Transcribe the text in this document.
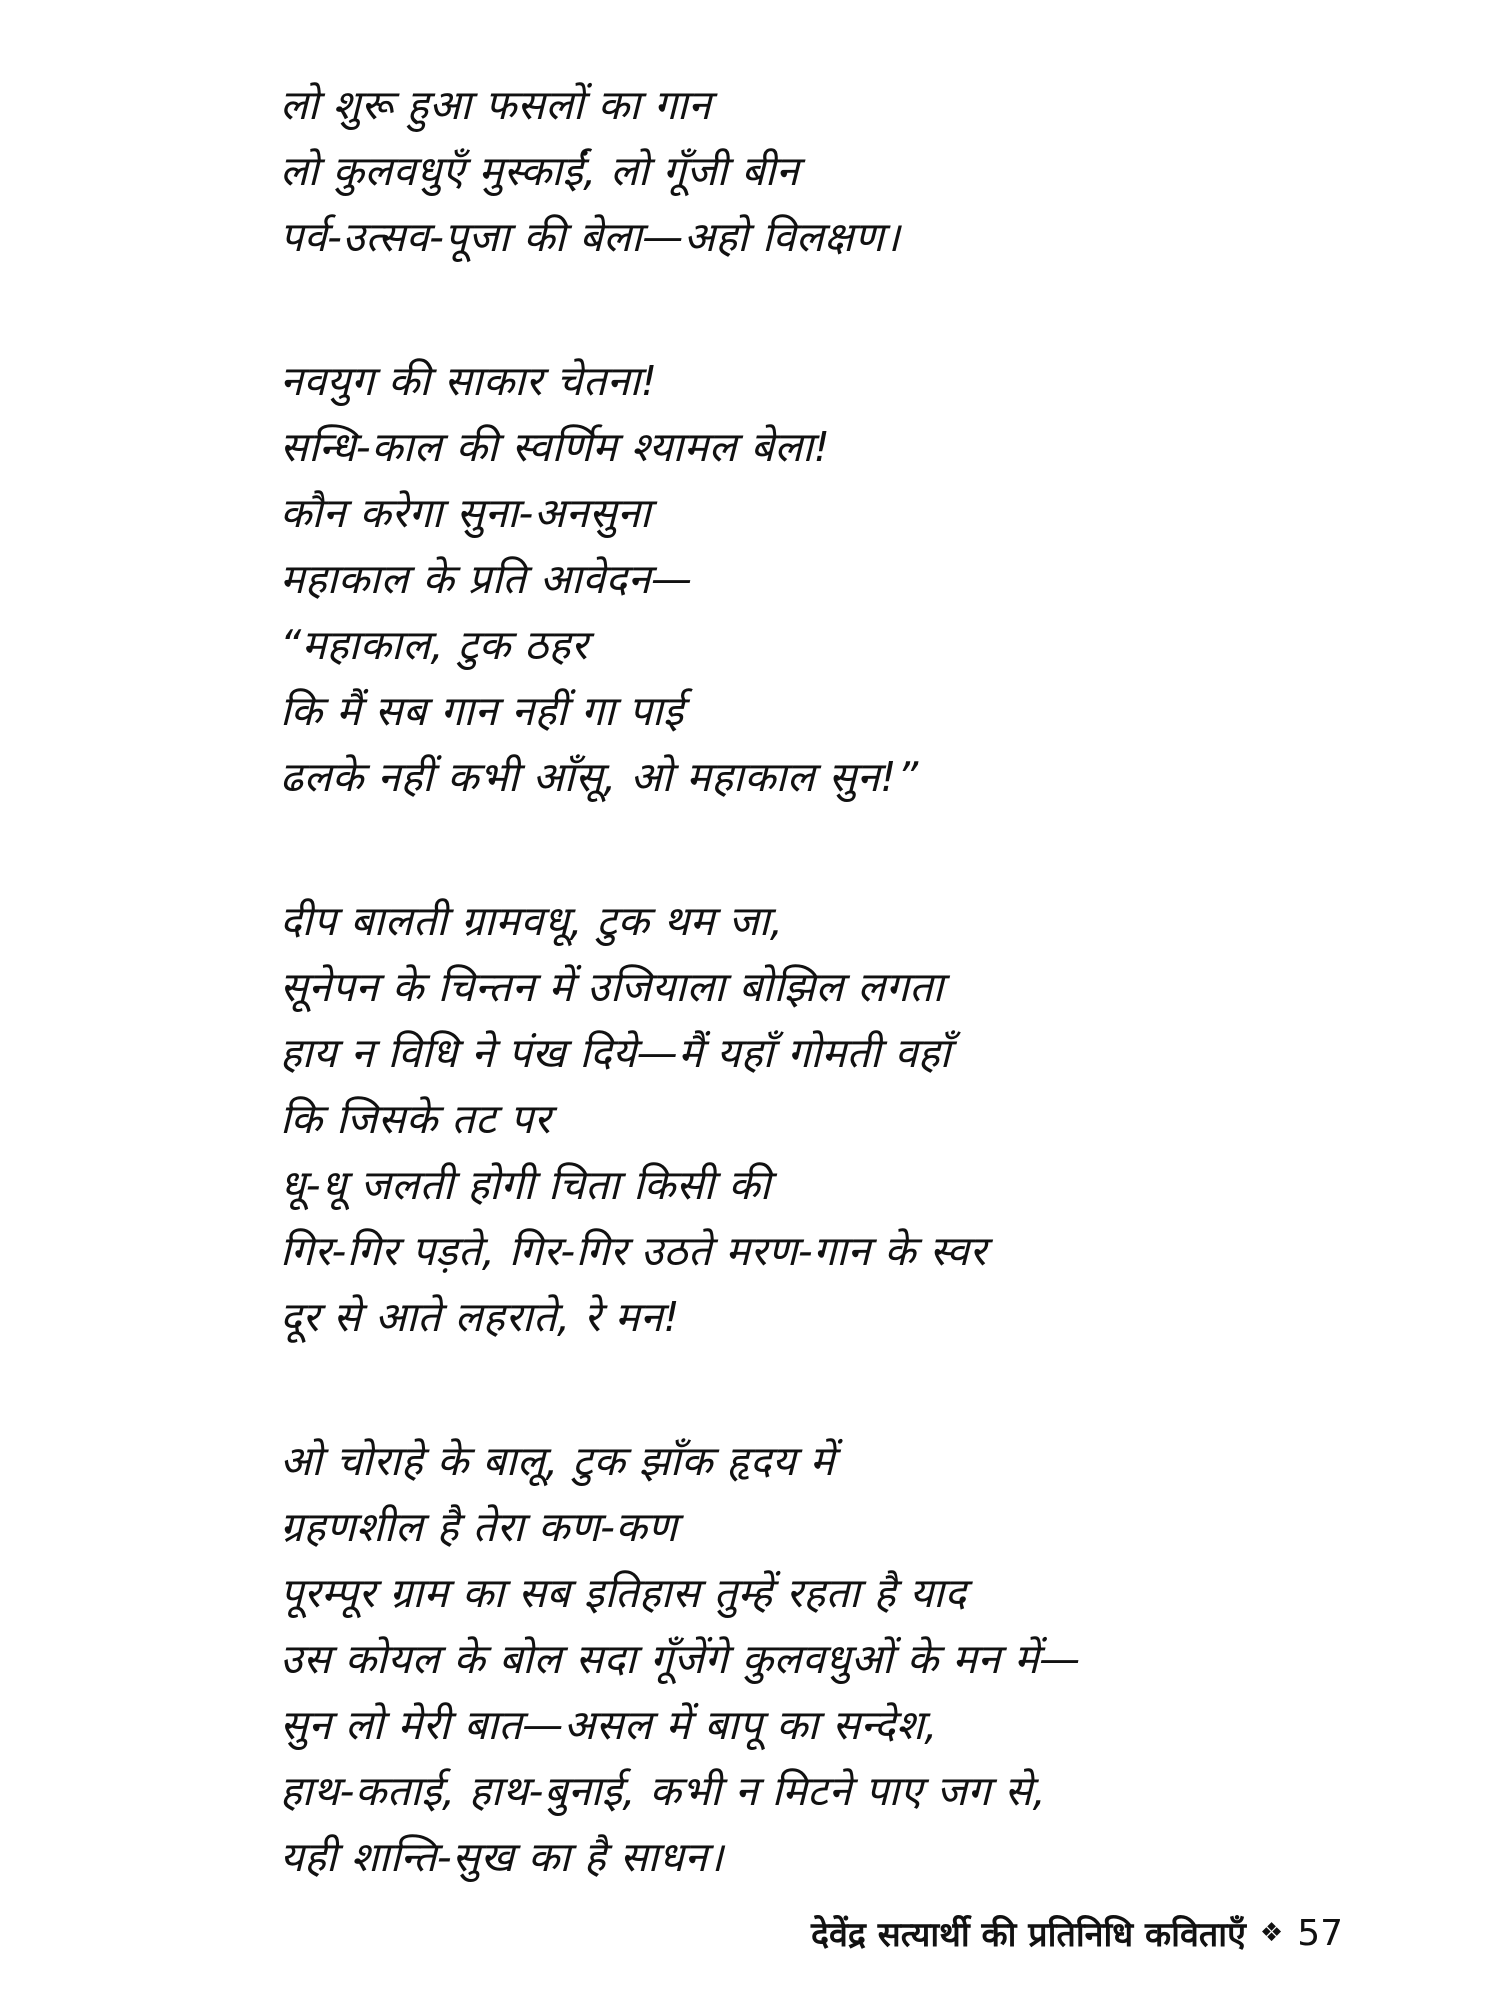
लो शुरू हुआ फसलों का गान
लो कुलवधुएँ मुस्काईं, लो गूँजी बीन
पर्व-उत्सव-पूजा की बेला—अहो विलक्षण।
नवयुग की साकार चेतना!
सन्धि-काल की स्वर्णिम श्यामल बेला!
कौन करेगा सुना-अनसुना
महाकाल के प्रति आवेदन—
“महाकाल, टुक ठहर
कि मैं सब गान नहीं गा पाई
ढलके नहीं कभी आँसू, ओ महाकाल सुन!”
दीप बालती ग्रामवधू, टुक थम जा,
सूनेपन के चिन्तन में उजियाला बोझिल लगता
हाय न विधि ने पंख दिये—मैं यहाँ गोमती वहाँ
कि जिसके तट पर
धू-धू जलती होगी चिता किसी की
गिर-गिर पड़ते, गिर-गिर उठते मरण-गान के स्वर
दूर से आते लहराते, रे मन!
ओ चोराहे के बालू, टुक झाँक हृदय में
ग्रहणशील है तेरा कण-कण
पूरम्पूर ग्राम का सब इतिहास तुम्हें रहता है याद
उस कोयल के बोल सदा गूँजेंगे कुलवधुओं के मन में—
सुन लो मेरी बात—असल में बापू का सन्देश,
हाथ-कताई, हाथ-बुनाई, कभी न मिटने पाए जग से,
यही शान्ति-सुख का है साधन।
देवेंद्र सत्यार्थी की प्रतिनिधि कविताएँ ❖ 57
